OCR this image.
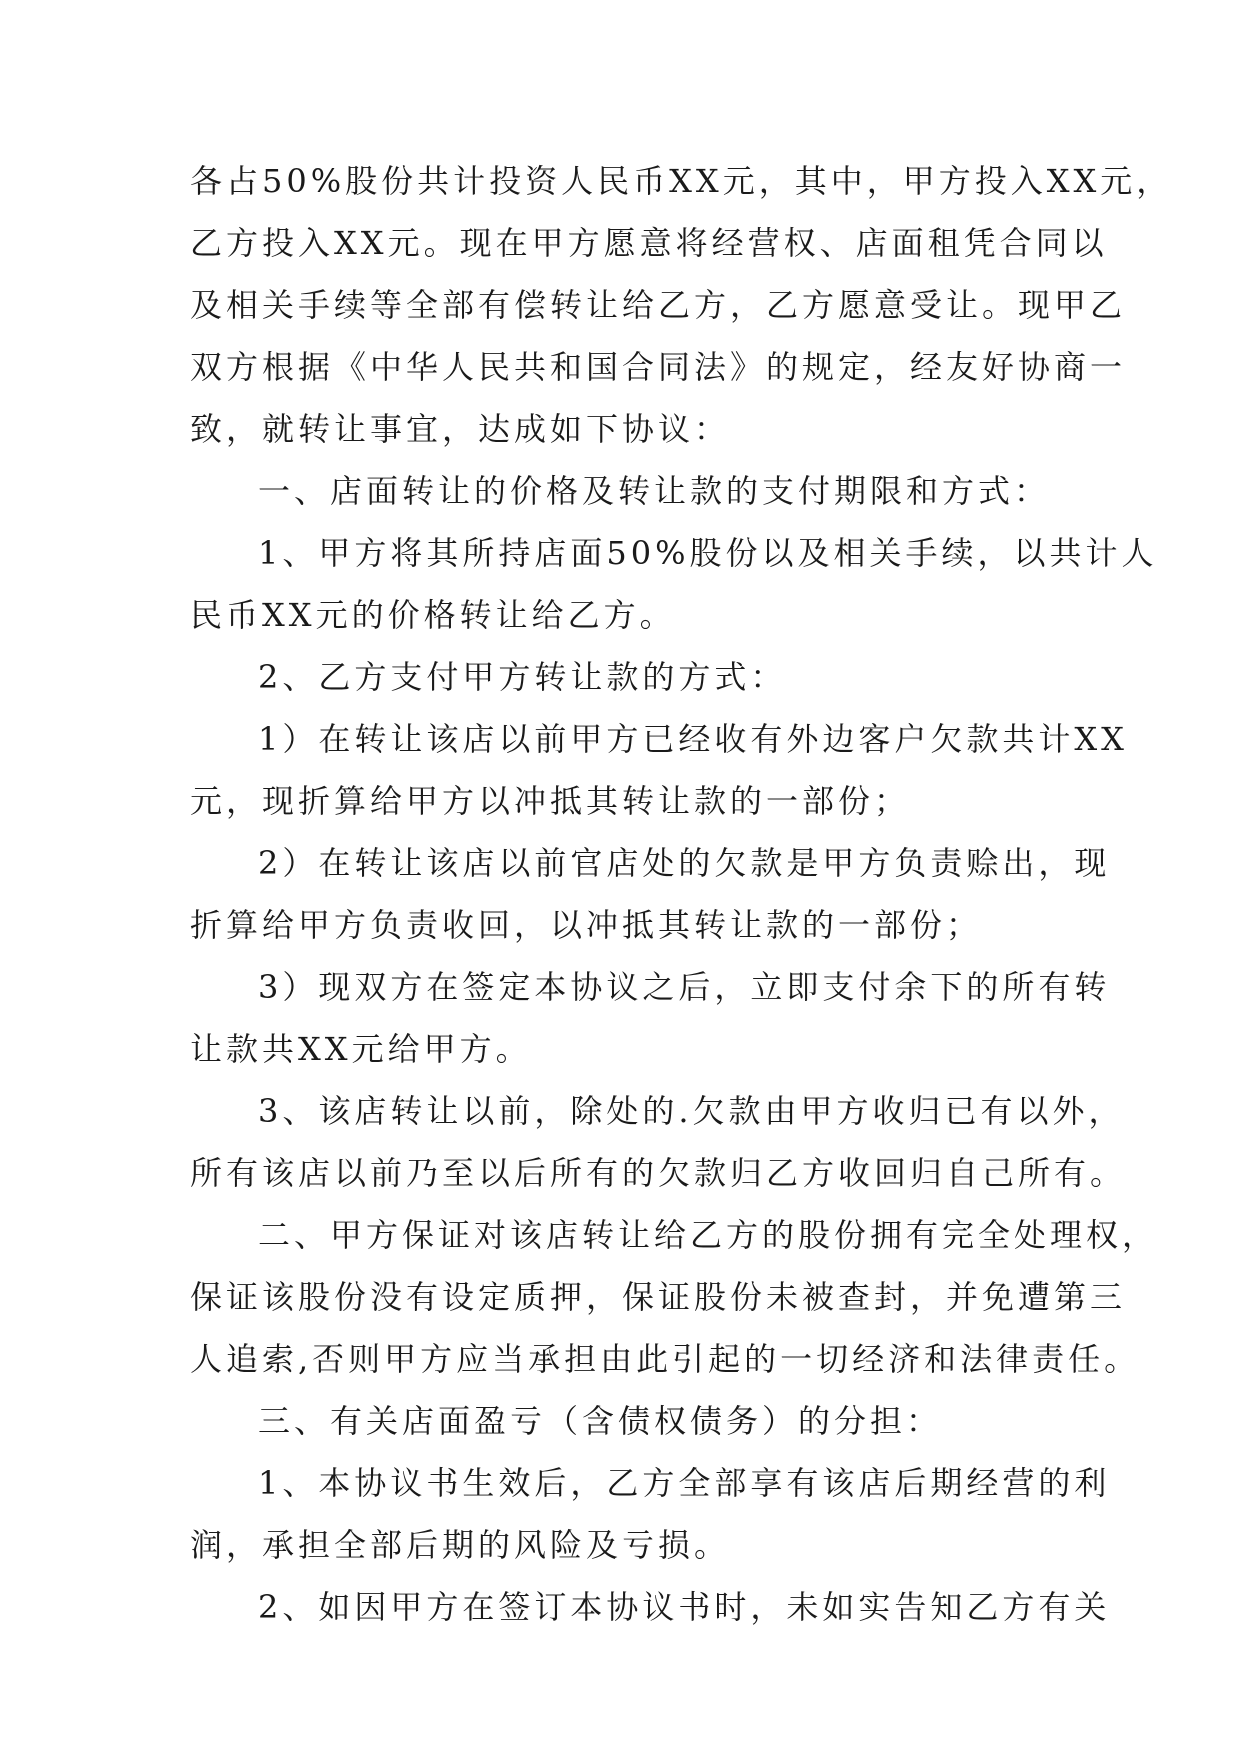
各占50%股份共计投资人民币XX元，其中，甲方投入XX元，
乙方投入XX元。现在甲方愿意将经营权、店面租凭合同以
及相关手续等全部有偿转让给乙方，乙方愿意受让。现甲乙
双方根据《中华人民共和国合同法》的规定，经友好协商一
致，就转让事宜，达成如下协议：
一、店面转让的价格及转让款的支付期限和方式：
1、甲方将其所持店面50%股份以及相关手续，以共计人
民币XX元的价格转让给乙方。
2、乙方支付甲方转让款的方式：
1）在转让该店以前甲方已经收有外边客户欠款共计XX
元，现折算给甲方以冲抵其转让款的一部份；
2）在转让该店以前官店处的欠款是甲方负责赊出，现
折算给甲方负责收回，以冲抵其转让款的一部份；
3）现双方在签定本协议之后，立即支付余下的所有转
让款共XX元给甲方。
3、该店转让以前，除处的.欠款由甲方收归已有以外，
所有该店以前乃至以后所有的欠款归乙方收回归自己所有。
二、甲方保证对该店转让给乙方的股份拥有完全处理权，
保证该股份没有设定质押，保证股份未被查封，并免遭第三
人追索,否则甲方应当承担由此引起的一切经济和法律责任。
三、有关店面盈亏（含债权债务）的分担：
1、本协议书生效后，乙方全部享有该店后期经营的利
润，承担全部后期的风险及亏损。
2、如因甲方在签订本协议书时，未如实告知乙方有关
